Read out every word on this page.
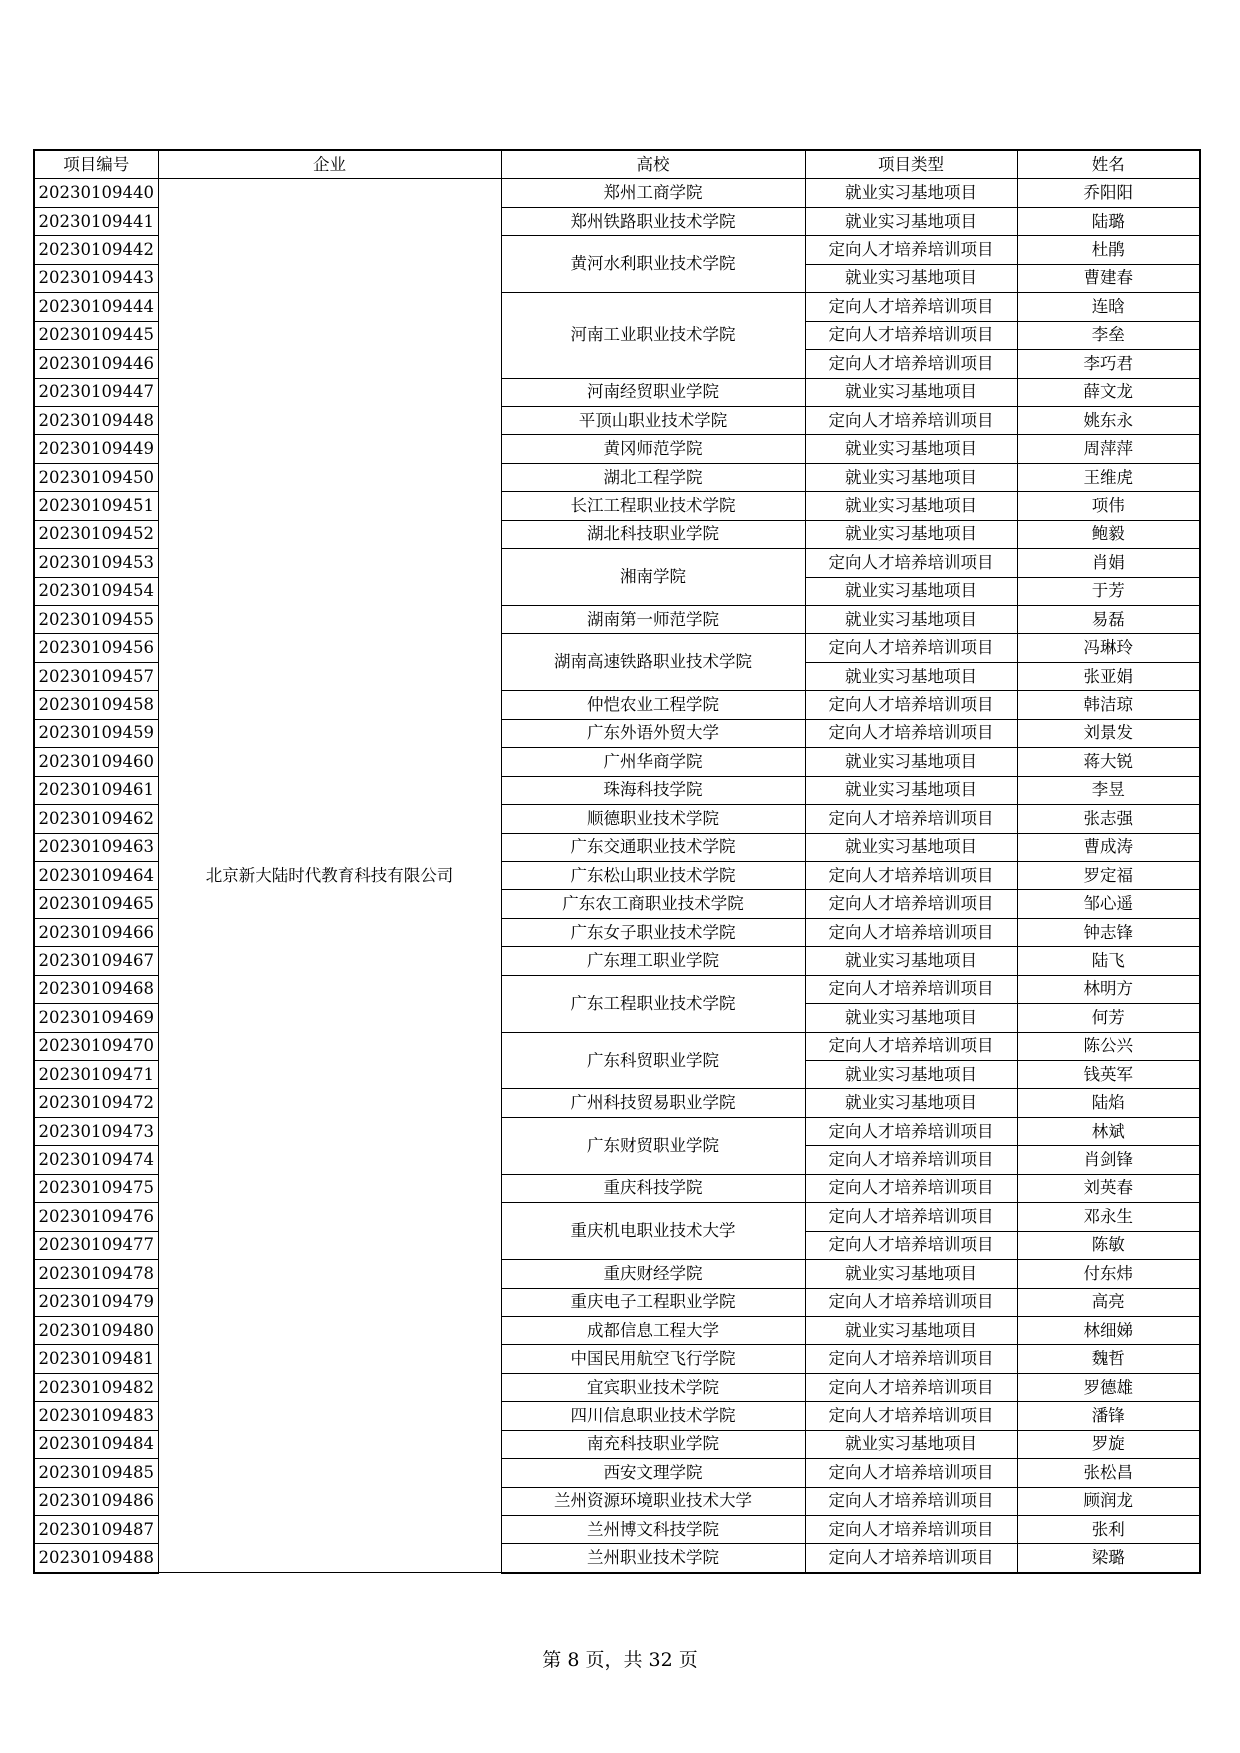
项目编号	企业	高校	项目类型	姓名
20230109440	北京新大陆时代教育科技有限公司	郑州工商学院	就业实习基地项目	乔阳阳
20230109441		郑州铁路职业技术学院	就业实习基地项目	陆璐
20230109442		黄河水利职业技术学院	定向人才培养培训项目	杜鹃
20230109443			就业实习基地项目	曹建春
20230109444		河南工业职业技术学院	定向人才培养培训项目	连晗
20230109445			定向人才培养培训项目	李垒
20230109446			定向人才培养培训项目	李巧君
20230109447		河南经贸职业学院	就业实习基地项目	薛文龙
20230109448		平顶山职业技术学院	定向人才培养培训项目	姚东永
20230109449		黄冈师范学院	就业实习基地项目	周萍萍
20230109450		湖北工程学院	就业实习基地项目	王维虎
20230109451		长江工程职业技术学院	就业实习基地项目	项伟
20230109452		湖北科技职业学院	就业实习基地项目	鲍毅
20230109453		湘南学院	定向人才培养培训项目	肖娟
20230109454			就业实习基地项目	于芳
20230109455		湖南第一师范学院	就业实习基地项目	易磊
20230109456		湖南高速铁路职业技术学院	定向人才培养培训项目	冯琳玲
20230109457			就业实习基地项目	张亚娟
20230109458		仲恺农业工程学院	定向人才培养培训项目	韩洁琼
20230109459		广东外语外贸大学	定向人才培养培训项目	刘景发
20230109460		广州华商学院	就业实习基地项目	蒋大锐
20230109461		珠海科技学院	就业实习基地项目	李昱
20230109462		顺德职业技术学院	定向人才培养培训项目	张志强
20230109463		广东交通职业技术学院	就业实习基地项目	曹成涛
20230109464		广东松山职业技术学院	定向人才培养培训项目	罗定福
20230109465		广东农工商职业技术学院	定向人才培养培训项目	邹心遥
20230109466		广东女子职业技术学院	定向人才培养培训项目	钟志锋
20230109467		广东理工职业学院	就业实习基地项目	陆飞
20230109468		广东工程职业技术学院	定向人才培养培训项目	林明方
20230109469			就业实习基地项目	何芳
20230109470		广东科贸职业学院	定向人才培养培训项目	陈公兴
20230109471			就业实习基地项目	钱英军
20230109472		广州科技贸易职业学院	就业实习基地项目	陆焰
20230109473		广东财贸职业学院	定向人才培养培训项目	林斌
20230109474			定向人才培养培训项目	肖剑锋
20230109475		重庆科技学院	定向人才培养培训项目	刘英春
20230109476		重庆机电职业技术大学	定向人才培养培训项目	邓永生
20230109477			定向人才培养培训项目	陈敏
20230109478		重庆财经学院	就业实习基地项目	付东炜
20230109479		重庆电子工程职业学院	定向人才培养培训项目	高亮
20230109480		成都信息工程大学	就业实习基地项目	林细娣
20230109481		中国民用航空飞行学院	定向人才培养培训项目	魏哲
20230109482		宜宾职业技术学院	定向人才培养培训项目	罗德雄
20230109483		四川信息职业技术学院	定向人才培养培训项目	潘锋
20230109484		南充科技职业学院	就业实习基地项目	罗旋
20230109485		西安文理学院	定向人才培养培训项目	张松昌
20230109486		兰州资源环境职业技术大学	定向人才培养培训项目	顾润龙
20230109487		兰州博文科技学院	定向人才培养培训项目	张利
20230109488		兰州职业技术学院	定向人才培养培训项目	梁璐
第 8 页，共 32 页
